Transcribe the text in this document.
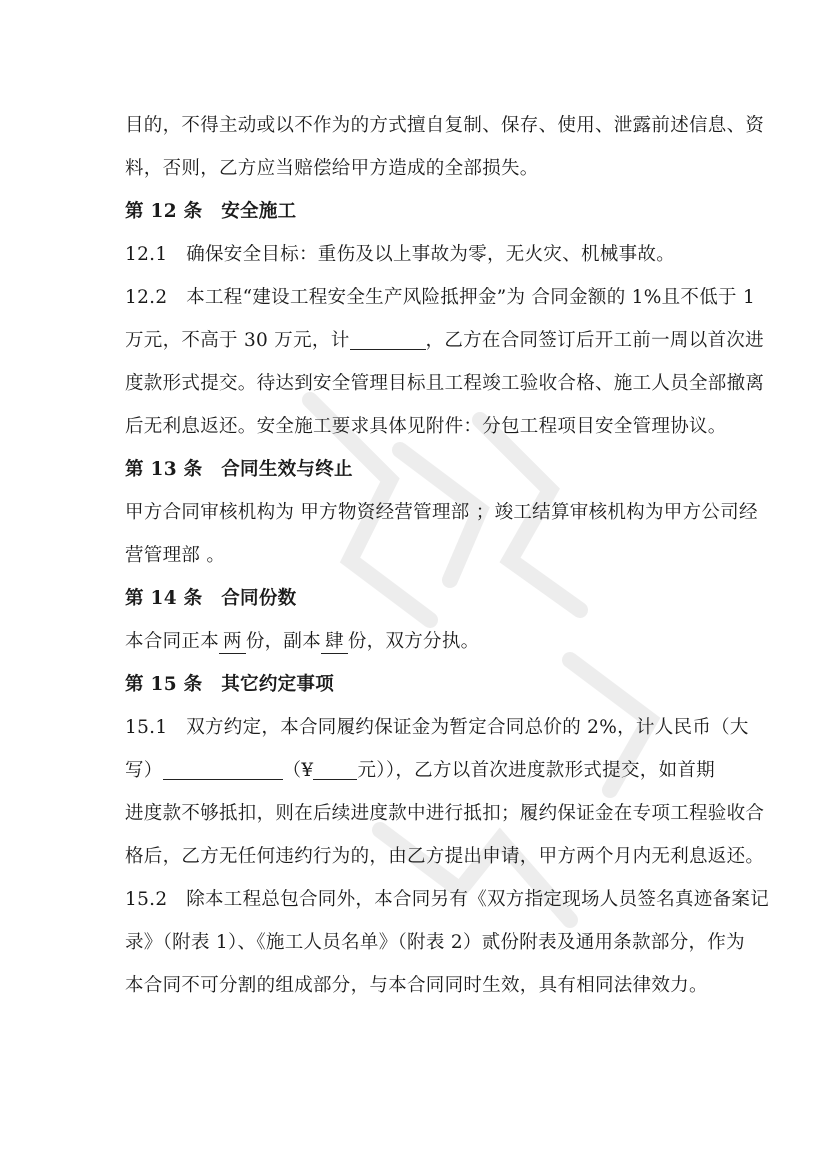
目的，不得主动或以不作为的方式擅自复制、保存、使用、泄露前述信息、资
料，否则，乙方应当赔偿给甲方造成的全部损失。
第 12 条　安全施工
12.1　确保安全目标：重伤及以上事故为零，无火灾、机械事故。
12.2　本工程“建设工程安全生产风险抵押金”为 合同金额的 1%且不低于 1
万元，不高于 30 万元，计	，乙方在合同签订后开工前一周以首次进
度款形式提交。待达到安全管理目标且工程竣工验收合格、施工人员全部撤离
后无利息返还。安全施工要求具体见附件：分包工程项目安全管理协议。
第 13 条　合同生效与终止
甲方合同审核机构为 甲方物资经营管理部 ；竣工结算审核机构为甲方公司经
营管理部 。
第 14 条　合同份数
本合同正本 两 份，副本 肆 份，双方分执。
第 15 条　其它约定事项
15.1　双方约定，本合同履约保证金为暂定合同总价的 2%，计人民币（大
写）	（¥ 元）），乙方以首次进度款形式提交，如首期
进度款不够抵扣，则在后续进度款中进行抵扣；履约保证金在专项工程验收合
格后，乙方无任何违约行为的，由乙方提出申请，甲方两个月内无利息返还。
15.2　除本工程总包合同外，本合同另有《双方指定现场人员签名真迹备案记
录》（附表 1）、《施工人员名单》（附表 2）贰份附表及通用条款部分，作为
本合同不可分割的组成部分，与本合同同时生效，具有相同法律效力。
